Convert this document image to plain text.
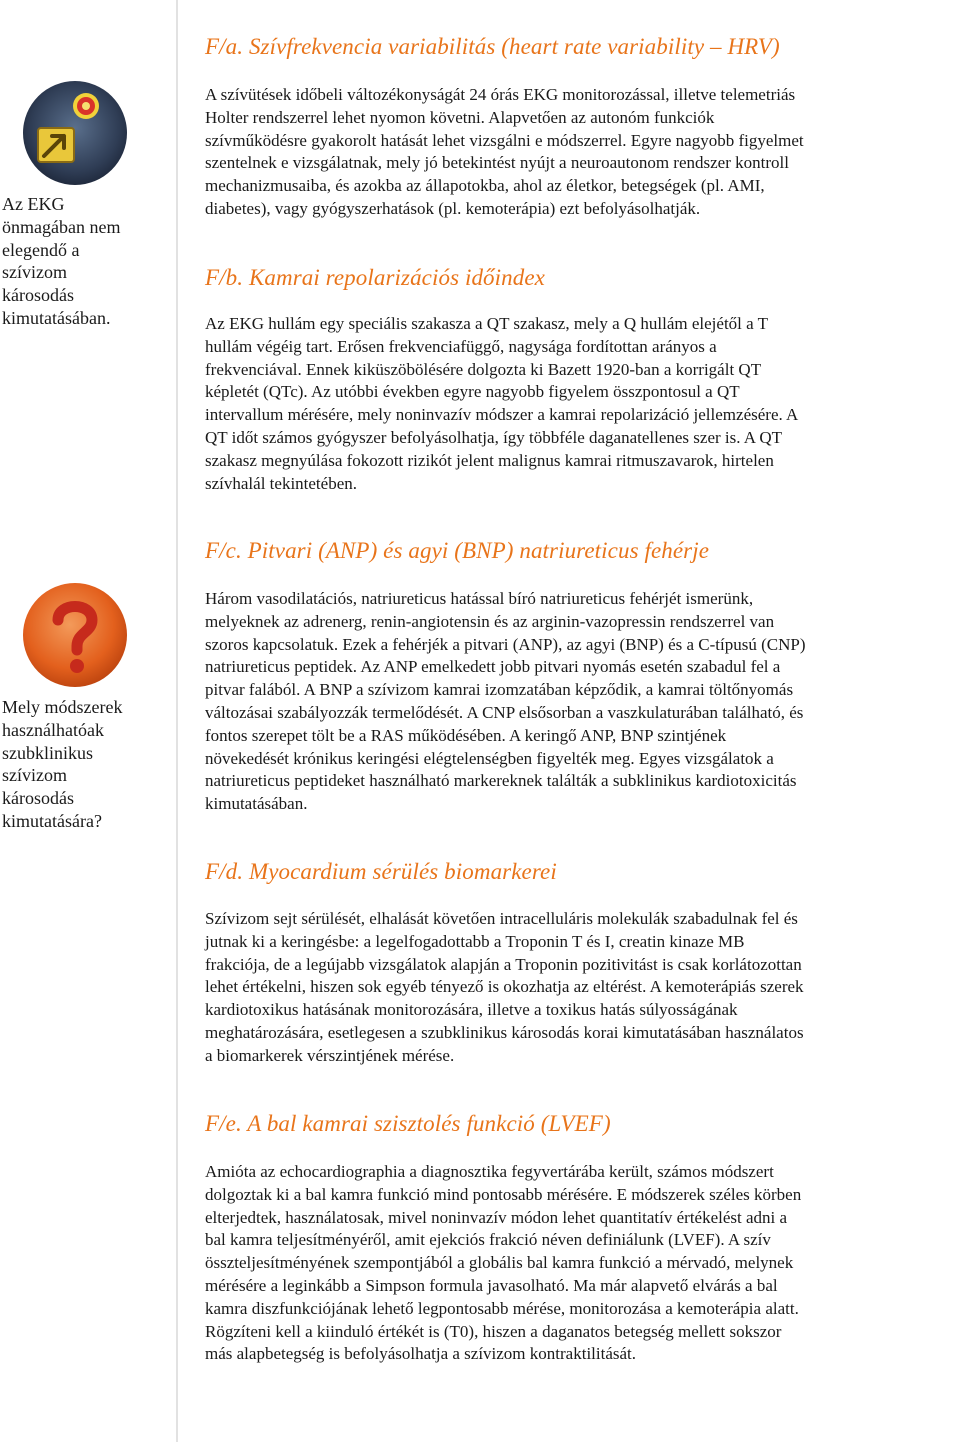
Az EKG
önmagában nem
elegendő a
szívizom
károsodás
kimutatásában.
Mely módszerek
használhatóak
szubklinikus
szívizom
károsodás
kimutatására?
F/a. Szívfrekvencia variabilitás (heart rate variability – HRV)
A szívütések időbeli változékonyságát 24 órás EKG monitorozással, illetve telemetriás
Holter rendszerrel lehet nyomon követni. Alapvetően az autonóm funkciók
szívműködésre gyakorolt hatását lehet vizsgálni e módszerrel. Egyre nagyobb figyelmet
szentelnek e vizsgálatnak, mely jó betekintést nyújt a neuroautonom rendszer kontroll
mechanizmusaiba, és azokba az állapotokba, ahol az életkor, betegségek (pl. AMI,
diabetes), vagy gyógyszerhatások (pl. kemoterápia) ezt befolyásolhatják.
F/b. Kamrai repolarizációs időindex
Az EKG hullám egy speciális szakasza a QT szakasz, mely a Q hullám elejétől a T
hullám végéig tart. Erősen frekvenciafüggő, nagysága fordítottan arányos a
frekvenciával. Ennek kiküszöbölésére dolgozta ki Bazett 1920-ban a korrigált QT
képletét (QTc). Az utóbbi években egyre nagyobb figyelem összpontosul a QT
intervallum mérésére, mely noninvazív módszer a kamrai repolarizáció jellemzésére. A
QT időt számos gyógyszer befolyásolhatja, így többféle daganatellenes szer is. A QT
szakasz megnyúlása fokozott rizikót jelent malignus kamrai ritmuszavarok, hirtelen
szívhalál tekintetében.
F/c. Pitvari (ANP) és agyi (BNP) natriureticus fehérje
Három vasodilatációs, natriureticus hatással bíró natriureticus fehérjét ismerünk,
melyeknek az adrenerg, renin-angiotensin és az arginin-vazopressin rendszerrel van
szoros kapcsolatuk. Ezek a fehérjék a pitvari (ANP), az agyi (BNP) és a C-típusú (CNP)
natriureticus peptidek. Az ANP emelkedett jobb pitvari nyomás esetén szabadul fel a
pitvar falából. A BNP a szívizom kamrai izomzatában képződik, a kamrai töltőnyomás
változásai szabályozzák termelődését. A CNP elsősorban a vaszkulaturában található, és
fontos szerepet tölt be a RAS működésében. A keringő ANP, BNP szintjének
növekedését krónikus keringési elégtelenségben figyelték meg. Egyes vizsgálatok a
natriureticus peptideket használható markereknek találták a subklinikus kardiotoxicitás
kimutatásában.
F/d. Myocardium sérülés biomarkerei
Szívizom sejt sérülését, elhalását követően intracelluláris molekulák szabadulnak fel és
jutnak ki a keringésbe: a legelfogadottabb a Troponin T és I, creatin kinaze MB
frakciója, de a legújabb vizsgálatok alapján a Troponin pozitivitást is csak korlátozottan
lehet értékelni, hiszen sok egyéb tényező is okozhatja az eltérést. A kemoterápiás szerek
kardiotoxikus hatásának monitorozására, illetve a toxikus hatás súlyosságának
meghatározására, esetlegesen a szubklinikus károsodás korai kimutatásában használatos
a biomarkerek vérszintjének mérése.
F/e. A bal kamrai szisztolés funkció (LVEF)
Amióta az echocardiographia a diagnosztika fegyvertárába került, számos módszert
dolgoztak ki a bal kamra funkció mind pontosabb mérésére. E módszerek széles körben
elterjedtek, használatosak, mivel noninvazív módon lehet quantitatív értékelést adni a
bal kamra teljesítményéről, amit ejekciós frakció néven definiálunk (LVEF). A szív
összteljesítményének szempontjából a globális bal kamra funkció a mérvadó, melynek
mérésére a leginkább a Simpson formula javasolható. Ma már alapvető elvárás a bal
kamra diszfunkciójának lehető legpontosabb mérése, monitorozása a kemoterápia alatt.
Rögzíteni kell a kiinduló értékét is (T0), hiszen a daganatos betegség mellett sokszor
más alapbetegség is befolyásolhatja a szívizom kontraktilitását.
